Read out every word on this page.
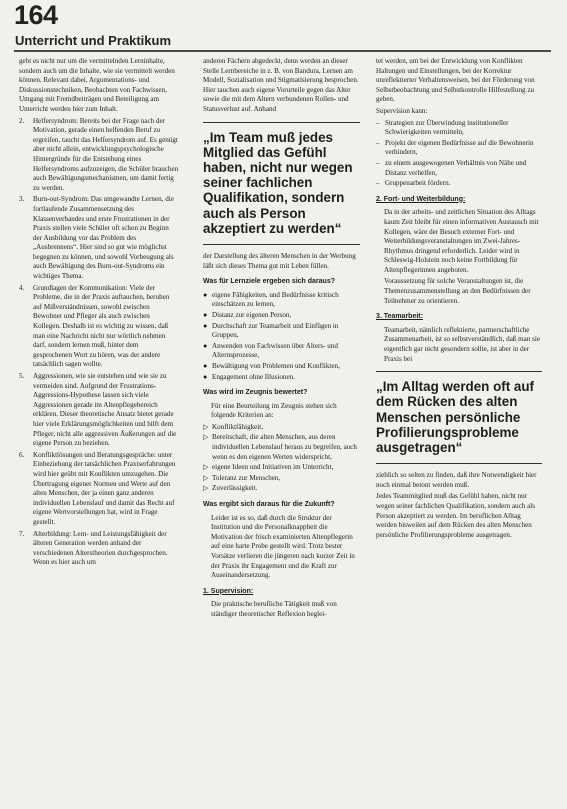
164
Unterricht und Praktikum

geht es nicht nur um die vermittelnden Lerninhalte, sondern auch um die Inhalte, wie sie vermittelt werden können. Relevant dabei, Argumentations- und Diskussionstechniken, Beobachten von Fachwissen, Umgang mit Fremdbeiträgen und Beteiligung am Unterricht werden hier zum Inhalt.

2. Helfersyndrom: Bereits bei der Frage nach der Motivation, gerade einen helfenden Beruf zu ergreifen, taucht das Helfersyndrom auf. Es genügt aber nicht allein, entwicklungspsychologische Hintergründe für die Entstehung eines Helfersyndroms aufzuzeigen, die Schüler brauchen auch Bewältigungsmechanismen, um damit fertig zu werden.
3. Burn-out-Syndrom: Das umgewandte Lernen, die fortlaufende Zusammensetzung des Klassenverbandes und erste Frustrationen in der Praxis stellen viele Schüler oft schon zu Beginn der Ausbildung vor das Problem des „Ausbrennens“. Hier sind so gut wie möglichst begegnen zu können, und sowohl Vorbeugung als auch Bewältigung des Burn-out-Syndroms ein wichtiges Thema.
4. Grundlagen der Kommunikation: Viele der Probleme, die in der Praxis auftauchen, beruhen auf Mißverständnissen, sowohl zwischen Bewohner und Pfleger als auch zwischen Kollegen. Deshalb ist es wichtig zu wissen, daß man eine Nachricht nicht nur wörtlich nehmen darf, sondern lernen muß, hinter dem gesprochenen Wort zu hören, was der andere tatsächlich sagen wollte.
5. Aggressionen, wie sie entstehen und wie sie zu vermeiden sind. Aufgrund der Frustrations-Aggressions-Hypothese lassen sich viele Aggressionen gerade im Altenpflegebereich erklären. Dieser theoretische Ansatz bietet gerade hier viele Erklärungsmöglichkeiten und hilft dem Pfleger, nicht alle aggressiven Äußerungen auf die eigene Person zu beziehen.
6. Konfliktlösungen und Beratungsgespräche: unter Einbeziehung der tatsächlichen Praxiserfahrungen wird hier geübt mit Konflikten umzugehen. Die Übertragung eigener Normen und Werte auf den alten Menschen, der ja einen ganz anderen individuellen Lebenslauf und damit das Recht auf eigene Wertvorstellungen hat, wird in Frage gestellt.
7. Alterbildung: Lern- und Leistungsfähigkeit der älteren Generation werden anhand der verschiedenen Alterstheorien durchgesprochen. Wenn es hier auch um

anderen Fächern abgedeckt, denn werden an dieser Stelle Lernbereiche in z. B. von Bandura, Lernen am Modell, Sozialisation und Stigmatisierung besprochen. Hier tauchen auch eigene Vorurteile gegen das Alter sowie die mit dem Altern verbundenen Rollen- und Statusverlust auf. Anhand

„Im Team muß jedes Mitglied das Gefühl haben, nicht nur wegen seiner fachlichen Qualifikation, sondern auch als Person akzeptiert zu werden“

der Darstellung des älteren Menschen in der Werbung läßt sich dieses Thema gut mit Leben füllen.

Was für Lernziele ergeben sich daraus?
● eigene Fähigkeiten, und Bedürfnisse kritisch einschätzen zu lernen,
● Distanz zur eigenen Person,
● Durchschaft zur Teamarbeit und Einfügen in Gruppen,
● Anwenden von Fachwissen über Alters- und Alternsprozesse,
● Bewältigung von Problemen und Konflikten,
● Engagement ohne Illusionen.
Was wird im Zeugnis bewertet?

Für eine Beurteilung im Zeugnis stehen sich folgende Kriterien an:

▷ Konfliktfähigkeit,
▷ Bereitschaft, die alten Menschen, aus deren individuellen Lebenslauf heraus zu begreifen, auch wenn es den eigenen Werten widerspricht,
▷ eigene Ideen und Initiativen im Unterricht,
▷ Toleranz zur Menschen,
▷ Zuverlässigkeit.
Was ergibt sich daraus für die Zukunft?

Leider ist es so, daß durch die Struktur der Institution und die Personalknappheit die Motivation der frisch examinierten Altenpflegerin auf eine harte Probe gestellt wird. Trotz bester Vorsätze verlieren die jüngeren nach kurzer Zeit in der Praxis ihr Engagement und die Kraft zur Auseinandersetzung.

1. Supervision:

Die praktische berufliche Tätigkeit muß von ständiger theoretischer Reflexion beglei-

tet werden, um bei der Entwicklung von Konflikten Haltungen und Einstellungen, bei der Korrektur unreflektierter Verhaltensweisen, bei der Förderung von Selbstbeobachtung und Selbstkontrolle Hilfestellung zu geben.

Supervision kann:

– Strategien zur Überwindung institutioneller Schwierigkeiten vermitteln,
– Projekt der eigenen Bedürfnisse auf die Bewohnerin verhindern,
– zu einem ausgewogenen Verhältnis von Nähe und Distanz verhelfen,
– Gruppenarbeit fördern.
2. Fort- und Weiterbildung:

Da in der arbeits- und zeitlichen Situation des Alltags kaum Zeit bleibt für einen informativen Austausch mit Kollegen, wäre der Besuch externer Fort- und Weiterbildungsveranstaltungen im Zwei-Jahres-Rhythmus dringend erforderlich. Leider wird in Schleswig-Holstein noch keine Fortbildung für Altenpflegerinnen angeboten.

Voraussetzung für solche Veranstaltungen ist, die Themenzusammenstellung an den Bedürfnissen der Teilnehmer zu orientieren.

3. Teamarbeit:

Teamarbeit, nämlich reflektierte, partnerschaftliche Zusammenarbeit, ist so selbstverständlich, daß man sie eigentlich gar nicht gesondern sollte, ist aber in der Praxis bei

„Im Alltag werden oft auf dem Rücken des alten Menschen persönliche Profilierungsprobleme ausgetragen“

ziehlich so selten zu finden, daß ihre Notwendigkeit hier noch einmal betont werden muß.

Jedes Teammitglied muß das Gefühl haben, nicht nur wegen seiner fachlichen Qualifikation, sondern auch als Person akzeptiert zu werden. Im beruflichen Alltag werden bisweilen auf dem Rücken des alten Menschen persönliche Profilierungsprobleme ausgetragen.
